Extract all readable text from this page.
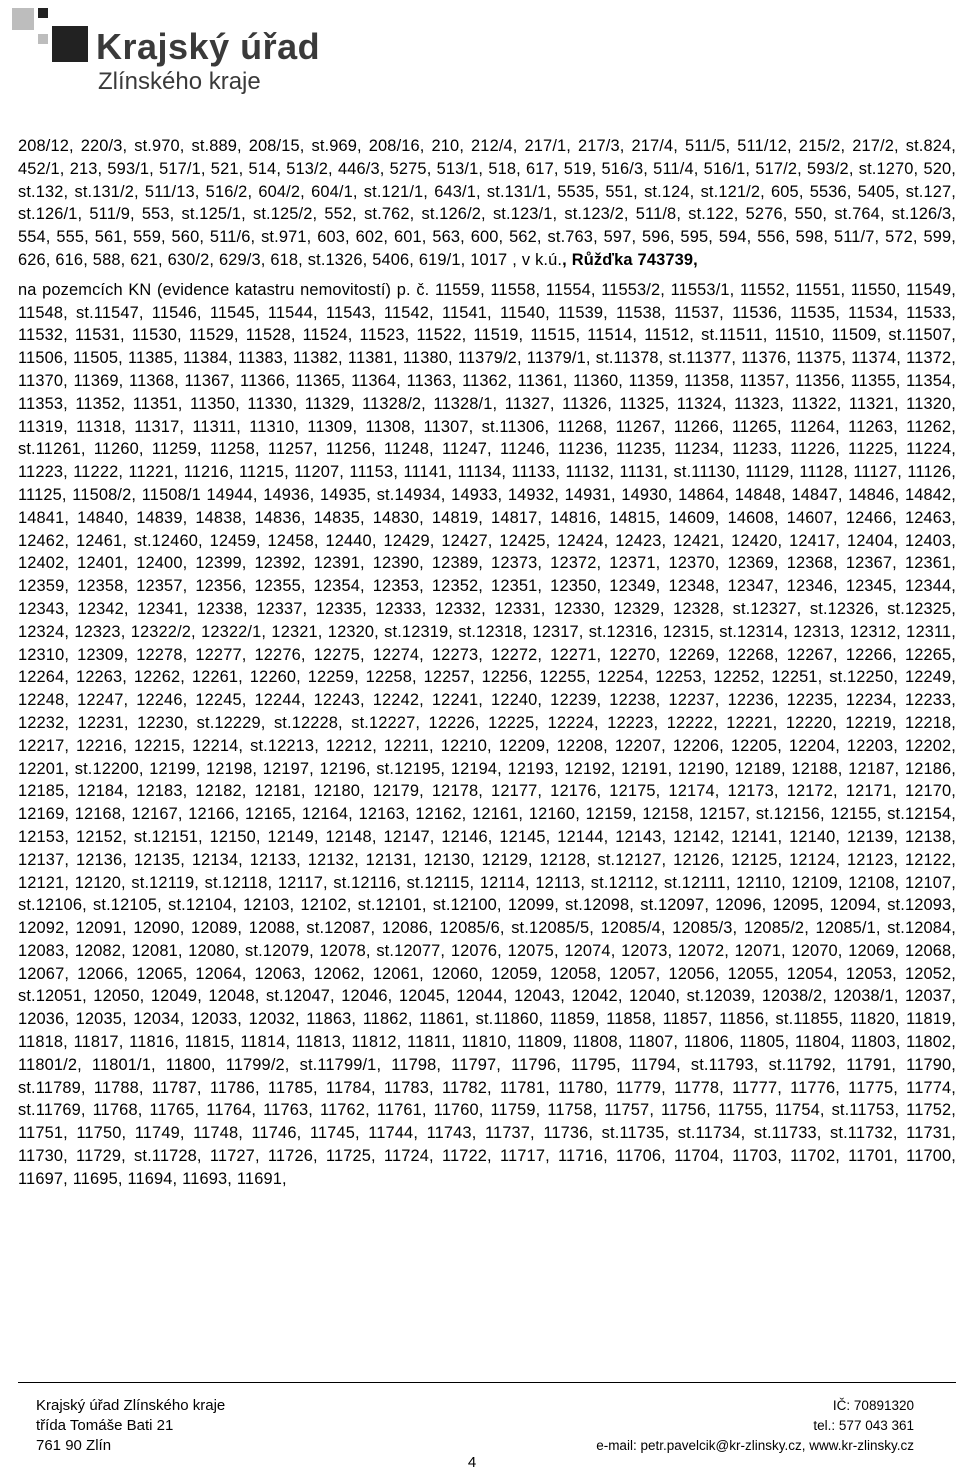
Krajský úřad
Zlínského kraje

208/12, 220/3, st.970, st.889, 208/15, st.969, 208/16, 210, 212/4, 217/1, 217/3, 217/4, 511/5, 511/12, 215/2, 217/2, st.824, 452/1, 213, 593/1, 517/1, 521, 514, 513/2, 446/3, 5275, 513/1, 518, 617, 519, 516/3, 511/4, 516/1, 517/2, 593/2, st.1270, 520, st.132, st.131/2, 511/13, 516/2, 604/2, 604/1, st.121/1, 643/1, st.131/1, 5535, 551, st.124, st.121/2, 605, 5536, 5405, st.127, st.126/1, 511/9, 553, st.125/1, st.125/2, 552, st.762, st.126/2, st.123/1, st.123/2, 511/8, st.122, 5276, 550, st.764, st.126/3, 554, 555, 561, 559, 560, 511/6, st.971, 603, 602, 601, 563, 600, 562, st.763, 597, 596, 595, 594, 556, 598, 511/7, 572, 599, 626, 616, 588, 621, 630/2, 629/3, 618, st.1326, 5406, 619/1, 1017 , v k.ú., Růžďka 743739,

na pozemcích KN (evidence katastru nemovitostí) p. č. 11559, 11558, 11554, 11553/2, 11553/1, 11552, 11551, 11550, 11549, 11548, st.11547, 11546, 11545, 11544, 11543, 11542, 11541, 11540, 11539, 11538, 11537, 11536, 11535, 11534, 11533, 11532, 11531, 11530, 11529, 11528, 11524, 11523, 11522, 11519, 11515, 11514, 11512, st.11511, 11510, 11509, st.11507, 11506, 11505, 11385, 11384, 11383, 11382, 11381, 11380, 11379/2, 11379/1, st.11378, st.11377, 11376, 11375, 11374, 11372, 11370, 11369, 11368, 11367, 11366, 11365, 11364, 11363, 11362, 11361, 11360, 11359, 11358, 11357, 11356, 11355, 11354, 11353, 11352, 11351, 11350, 11330, 11329, 11328/2, 11328/1, 11327, 11326, 11325, 11324, 11323, 11322, 11321, 11320, 11319, 11318, 11317, 11311, 11310, 11309, 11308, 11307, st.11306, 11268, 11267, 11266, 11265, 11264, 11263, 11262, st.11261, 11260, 11259, 11258, 11257, 11256, 11248, 11247, 11246, 11236, 11235, 11234, 11233, 11226, 11225, 11224, 11223, 11222, 11221, 11216, 11215, 11207, 11153, 11141, 11134, 11133, 11132, 11131, st.11130, 11129, 11128, 11127, 11126, 11125, 11508/2, 11508/1 14944, 14936, 14935, st.14934, 14933, 14932, 14931, 14930, 14864, 14848, 14847, 14846, 14842, 14841, 14840, 14839, 14838, 14836, 14835, 14830, 14819, 14817, 14816, 14815, 14609, 14608, 14607, 12466, 12463, 12462, 12461, st.12460, 12459, 12458, 12440, 12429, 12427, 12425, 12424, 12423, 12421, 12420, 12417, 12404, 12403, 12402, 12401, 12400, 12399, 12392, 12391, 12390, 12389, 12373, 12372, 12371, 12370, 12369, 12368, 12367, 12361, 12359, 12358, 12357, 12356, 12355, 12354, 12353, 12352, 12351, 12350, 12349, 12348, 12347, 12346, 12345, 12344, 12343, 12342, 12341, 12338, 12337, 12335, 12333, 12332, 12331, 12330, 12329, 12328, st.12327, st.12326, st.12325, 12324, 12323, 12322/2, 12322/1, 12321, 12320, st.12319, st.12318, 12317, st.12316, 12315, st.12314, 12313, 12312, 12311, 12310, 12309, 12278, 12277, 12276, 12275, 12274, 12273, 12272, 12271, 12270, 12269, 12268, 12267, 12266, 12265, 12264, 12263, 12262, 12261, 12260, 12259, 12258, 12257, 12256, 12255, 12254, 12253, 12252, 12251, st.12250, 12249, 12248, 12247, 12246, 12245, 12244, 12243, 12242, 12241, 12240, 12239, 12238, 12237, 12236, 12235, 12234, 12233, 12232, 12231, 12230, st.12229, st.12228, st.12227, 12226, 12225, 12224, 12223, 12222, 12221, 12220, 12219, 12218, 12217, 12216, 12215, 12214, st.12213, 12212, 12211, 12210, 12209, 12208, 12207, 12206, 12205, 12204, 12203, 12202, 12201, st.12200, 12199, 12198, 12197, 12196, st.12195, 12194, 12193, 12192, 12191, 12190, 12189, 12188, 12187, 12186, 12185, 12184, 12183, 12182, 12181, 12180, 12179, 12178, 12177, 12176, 12175, 12174, 12173, 12172, 12171, 12170, 12169, 12168, 12167, 12166, 12165, 12164, 12163, 12162, 12161, 12160, 12159, 12158, 12157, st.12156, 12155, st.12154, 12153, 12152, st.12151, 12150, 12149, 12148, 12147, 12146, 12145, 12144, 12143, 12142, 12141, 12140, 12139, 12138, 12137, 12136, 12135, 12134, 12133, 12132, 12131, 12130, 12129, 12128, st.12127, 12126, 12125, 12124, 12123, 12122, 12121, 12120, st.12119, st.12118, 12117, st.12116, st.12115, 12114, 12113, st.12112, st.12111, 12110, 12109, 12108, 12107, st.12106, st.12105, st.12104, 12103, 12102, st.12101, st.12100, 12099, st.12098, st.12097, 12096, 12095, 12094, st.12093, 12092, 12091, 12090, 12089, 12088, st.12087, 12086, 12085/6, st.12085/5, 12085/4, 12085/3, 12085/2, 12085/1, st.12084, 12083, 12082, 12081, 12080, st.12079, 12078, st.12077, 12076, 12075, 12074, 12073, 12072, 12071, 12070, 12069, 12068, 12067, 12066, 12065, 12064, 12063, 12062, 12061, 12060, 12059, 12058, 12057, 12056, 12055, 12054, 12053, 12052, st.12051, 12050, 12049, 12048, st.12047, 12046, 12045, 12044, 12043, 12042, 12040, st.12039, 12038/2, 12038/1, 12037, 12036, 12035, 12034, 12033, 12032, 11863, 11862, 11861, st.11860, 11859, 11858, 11857, 11856, st.11855, 11820, 11819, 11818, 11817, 11816, 11815, 11814, 11813, 11812, 11811, 11810, 11809, 11808, 11807, 11806, 11805, 11804, 11803, 11802, 11801/2, 11801/1, 11800, 11799/2, st.11799/1, 11798, 11797, 11796, 11795, 11794, st.11793, st.11792, 11791, 11790, st.11789, 11788, 11787, 11786, 11785, 11784, 11783, 11782, 11781, 11780, 11779, 11778, 11777, 11776, 11775, 11774, st.11769, 11768, 11765, 11764, 11763, 11762, 11761, 11760, 11759, 11758, 11757, 11756, 11755, 11754, st.11753, 11752, 11751, 11750, 11749, 11748, 11746, 11745, 11744, 11743, 11737, 11736, st.11735, st.11734, st.11733, st.11732, 11731, 11730, 11729, st.11728, 11727, 11726, 11725, 11724, 11722, 11717, 11716, 11706, 11704, 11703, 11702, 11701, 11700, 11697, 11695, 11694, 11693, 11691,

Krajský úřad Zlínského kraje
třída Tomáše Bati 21
761 90 Zlín
IČ: 70891320
tel.: 577 043 361
e-mail: petr.pavelcik@kr-zlinsky.cz, www.kr-zlinsky.cz
4
